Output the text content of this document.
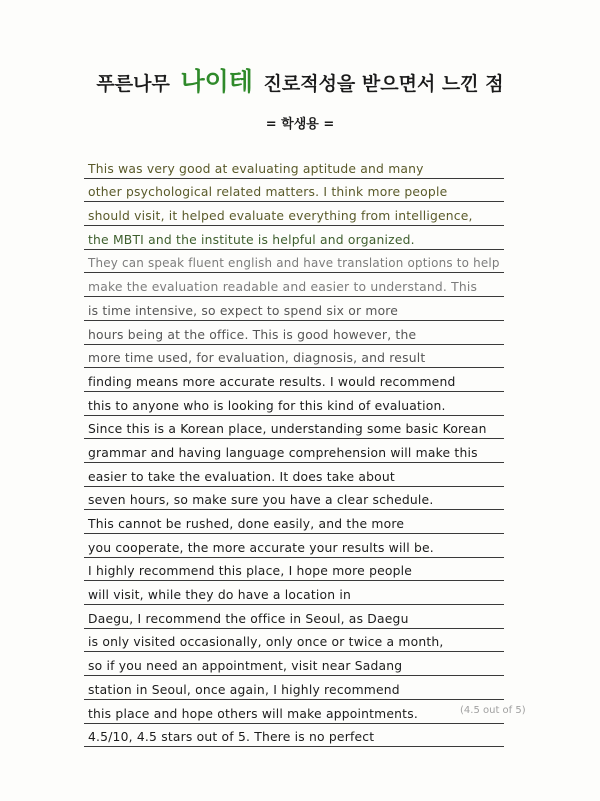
푸른나무 나이테 진로적성을 받으면서 느낀 점
= 학생용 =
This was very good at evaluating aptitude and many
other psychological related matters. I think more people
should visit, it helped evaluate everything from intelligence,
the MBTI and the institute is helpful and organized.
They can speak fluent english and have translation options to help
make the evaluation readable and easier to understand. This
is time intensive, so expect to spend six or more
hours being at the office. This is good however, the
more time used, for evaluation, diagnosis, and result
finding means more accurate results. I would recommend
this to anyone who is looking for this kind of evaluation.
Since this is a Korean place, understanding some basic Korean
grammar and having language comprehension will make this
easier to take the evaluation. It does take about
seven hours, so make sure you have a clear schedule.
This cannot be rushed, done easily, and the more
you cooperate, the more accurate your results will be.
I highly recommend this place, I hope more people
will visit, while they do have a location in
Daegu, I recommend the office in Seoul, as Daegu
is only visited occasionally, only once or twice a month,
so if you need an appointment, visit near Sadang
station in Seoul, once again, I highly recommend
this place and hope others will make appointments.
4.5/10, 4.5 stars out of 5. There is no perfect
(4.5 out of 5)
